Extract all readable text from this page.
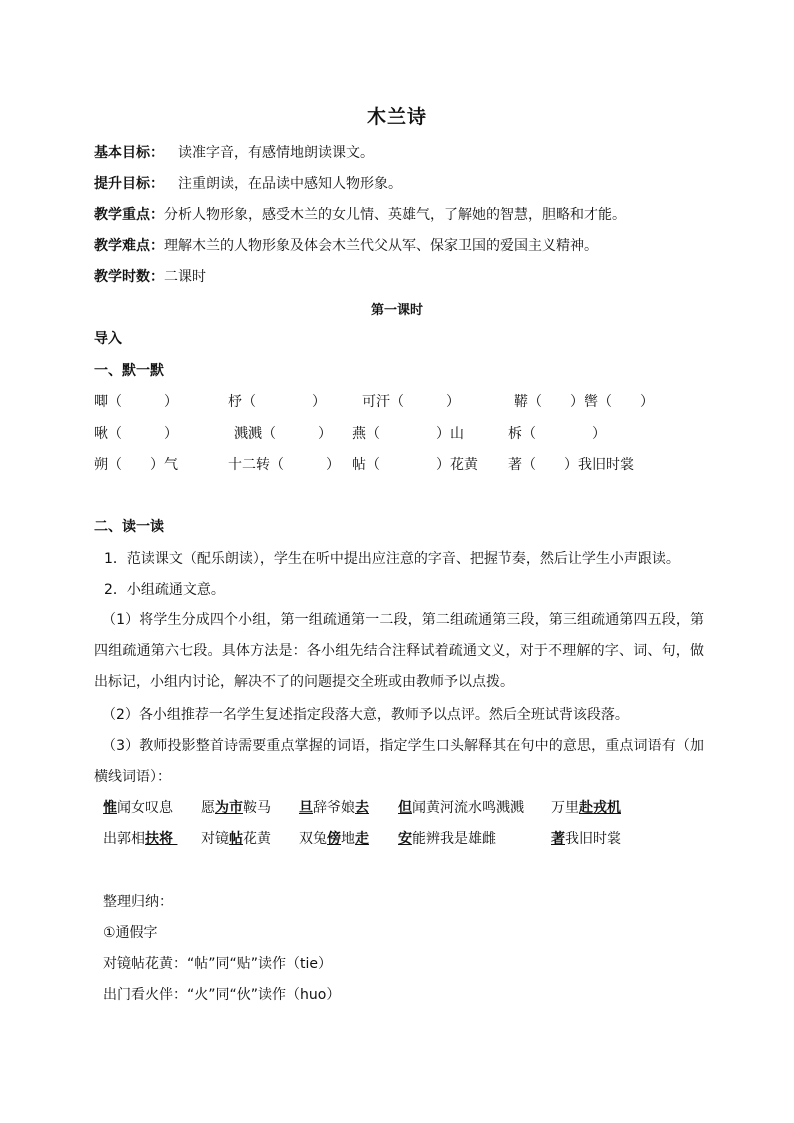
木兰诗
基本目标： 读准字音，有感情地朗读课文。
提升目标： 注重朗读，在品读中感知人物形象。
教学重点：分析人物形象，感受木兰的女儿情、英雄气，了解她的智慧，胆略和才能。
教学难点：理解木兰的人物形象及体会木兰代父从军、保家卫国的爱国主义精神。
教学时数：二课时
第一课时
导入
一、默一默
唧（　　　）	杼（　　　　）	可汗（　　　）	鞯（　　）辔（　　）
啾（　　　）	溅溅（　　　） 燕（　　　　）山	柝（　　　　）
朔（　　）气	十二转（　　　） 帖（　　　　）花黄 著（　　）我旧时裳
二、读一读
1．范读课文（配乐朗读），学生在听中提出应注意的字音、把握节奏，然后让学生小声跟读。
2．小组疏通文意。
（1）将学生分成四个小组，第一组疏通第一二段，第二组疏通第三段，第三组疏通第四五段，第四组疏通第六七段。具体方法是：各小组先结合注释试着疏通文义，对于不理解的字、词、句，做出标记，小组内讨论，解决不了的问题提交全班或由教师予以点拨。
（2）各小组推荐一名学生复述指定段落大意，教师予以点评。然后全班试背该段落。
（3）教师投影整首诗需要重点掌握的词语，指定学生口头解释其在句中的意思，重点词语有（加横线词语）：
惟闻女叹息 愿为市鞍马 旦辞爷娘去 但闻黄河流水鸣溅溅 万里赴戎机
出郭相扶将	对镜帖花黄 双兔傍地走 安能辨我是雄雌	著我旧时裳
整理归纳：
①通假字
对镜帖花黄：“帖”同“贴”读作（tie）
出门看火伴：“火”同“伙”读作（huo）
